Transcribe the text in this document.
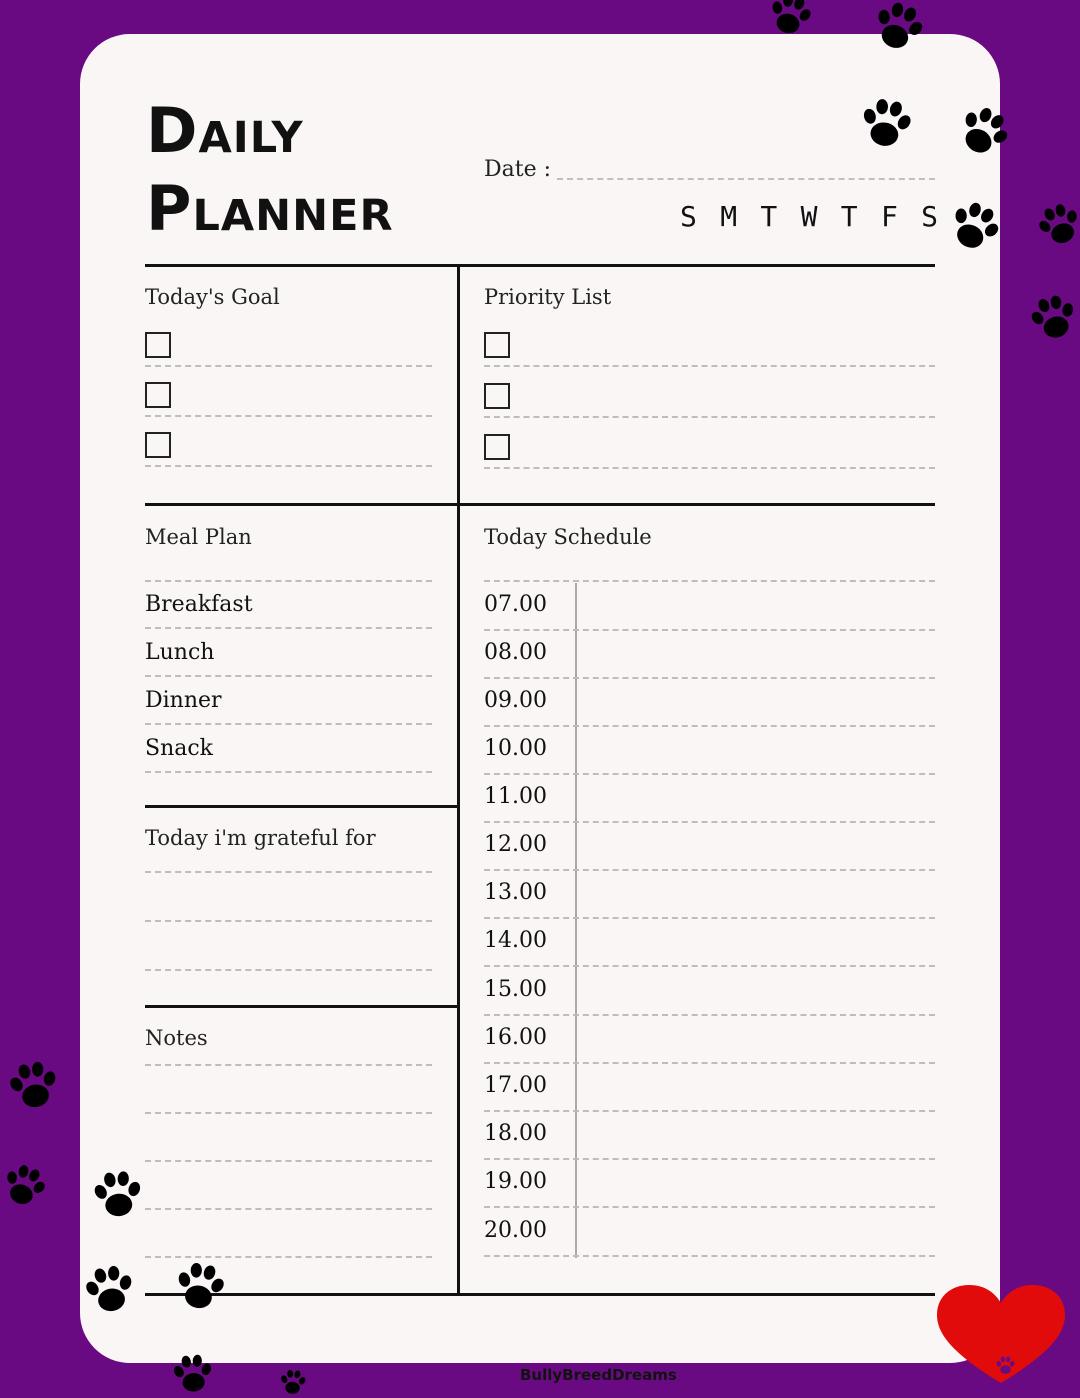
Daily
Planner
Date :
S M T W T F S
Today's Goal	Priority List
Meal Plan
Breakfast
Lunch
Dinner
Snack
Today i'm grateful for
Notes
Today Schedule
07.00
08.00
09.00
10.00
11.00
12.00
13.00
14.00
15.00
16.00
17.00
18.00
19.00
20.00
BullyBreedDreams
